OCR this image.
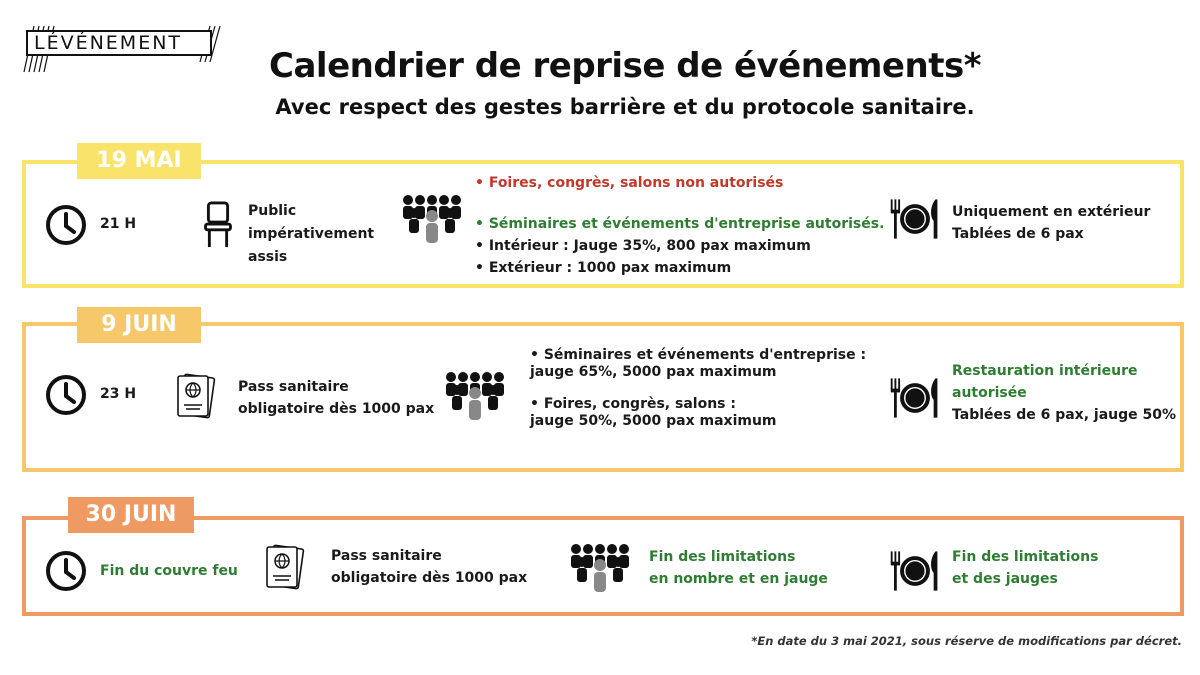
LÉVÉNEMENT
Calendrier de reprise de événements*
Avec respect des gestes barrière et du protocole sanitaire.
19 MAI
21 H
Public impérativement assis
• Foires, congrès, salons non autorisés
• Séminaires et événements d'entreprise autorisés.
• Intérieur : Jauge 35%, 800 pax maximum
• Extérieur : 1000 pax maximum
Uniquement en extérieur
Tablées de 6 pax
9 JUIN
23 H	Pass sanitaire obligatoire dès 1000 pax
• Séminaires et événements d'entreprise :
jauge 65%, 5000 pax maximum
• Foires, congrès, salons :
jauge 50%, 5000 pax maximum
Restauration intérieure
autorisée
Tablées de 6 pax, jauge 50%
30 JUIN
Fin du couvre feu
Pass sanitaire obligatoire dès 1000 pax
Fin des limitations
en nombre et en jauge
Fin des limitations
et des jauges
*En date du 3 mai 2021, sous réserve de modifications par décret.
